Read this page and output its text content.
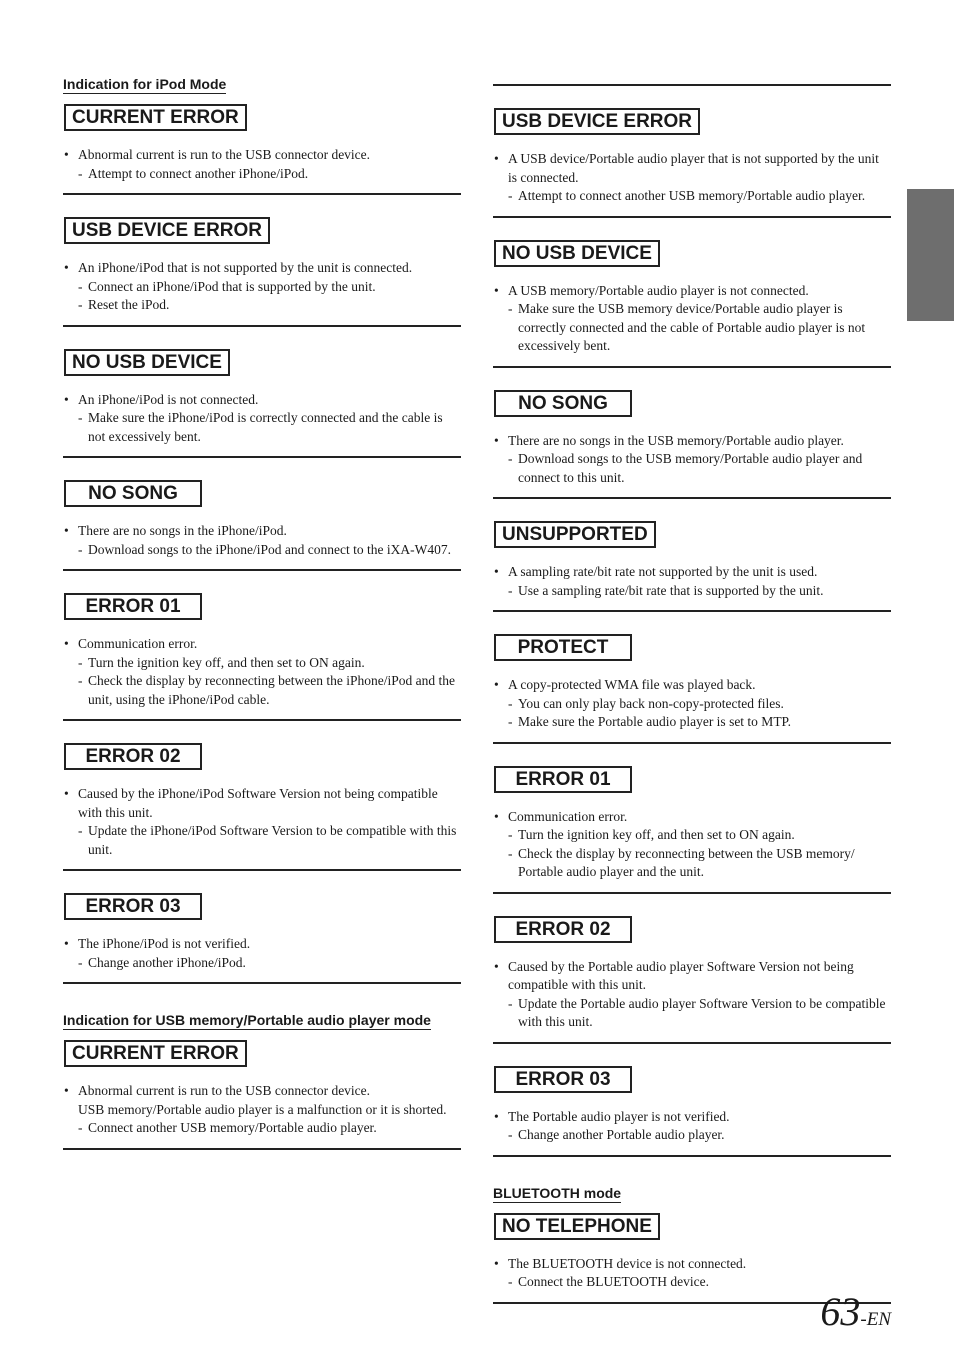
Indication for iPod Mode
CURRENT ERROR
• Abnormal current is run to the USB connector device.
- Attempt to connect another iPhone/iPod.
USB DEVICE ERROR
• An iPhone/iPod that is not supported by the unit is connected.
- Connect an iPhone/iPod that is supported by the unit.
- Reset the iPod.
NO USB DEVICE
• An iPhone/iPod is not connected.
- Make sure the iPhone/iPod is correctly connected and the cable is not excessively bent.
NO SONG
• There are no songs in the iPhone/iPod.
- Download songs to the iPhone/iPod and connect to the iXA-W407.
ERROR 01
• Communication error.
- Turn the ignition key off, and then set to ON again.
- Check the display by reconnecting between the iPhone/iPod and the unit, using the iPhone/iPod cable.
ERROR 02
• Caused by the iPhone/iPod Software Version not being compatible with this unit.
- Update the iPhone/iPod Software Version to be compatible with this unit.
ERROR 03
• The iPhone/iPod is not verified.
- Change another iPhone/iPod.
Indication for USB memory/Portable audio player mode
CURRENT ERROR
• Abnormal current is run to the USB connector device.
USB memory/Portable audio player is a malfunction or it is shorted.
- Connect another USB memory/Portable audio player.
USB DEVICE ERROR
• A USB device/Portable audio player that is not supported by the unit is connected.
- Attempt to connect another USB memory/Portable audio player.
NO USB DEVICE
• A USB memory/Portable audio player is not connected.
- Make sure the USB memory device/Portable audio player is correctly connected and the cable of Portable audio player is not excessively bent.
NO SONG
• There are no songs in the USB memory/Portable audio player.
- Download songs to the USB memory/Portable audio player and connect to this unit.
UNSUPPORTED
• A sampling rate/bit rate not supported by the unit is used.
- Use a sampling rate/bit rate that is supported by the unit.
PROTECT
• A copy-protected WMA file was played back.
- You can only play back non-copy-protected files.
- Make sure the Portable audio player is set to MTP.
ERROR 01
• Communication error.
- Turn the ignition key off, and then set to ON again.
- Check the display by reconnecting between the USB memory/ Portable audio player and the unit.
ERROR 02
• Caused by the Portable audio player Software Version not being compatible with this unit.
- Update the Portable audio player Software Version to be compatible with this unit.
ERROR 03
• The Portable audio player is not verified.
- Change another Portable audio player.
BLUETOOTH mode
NO TELEPHONE
• The BLUETOOTH device is not connected.
- Connect the BLUETOOTH device.
63-EN
